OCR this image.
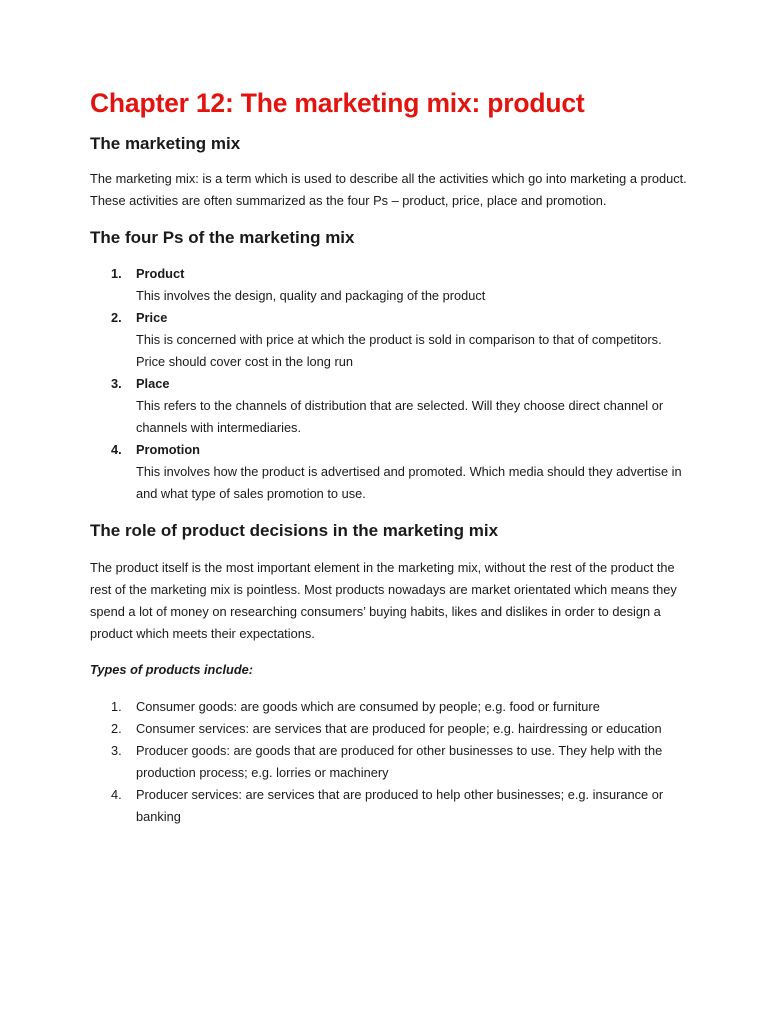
Chapter 12: The marketing mix: product
The marketing mix

The marketing mix: is a term which is used to describe all the activities which go into marketing a product. These activities are often summarized as the four Ps – product, price, place and promotion.

The four Ps of the marketing mix
1. Product
This involves the design, quality and packaging of the product
2. Price
This is concerned with price at which the product is sold in comparison to that of competitors. Price should cover cost in the long run
3. Place
This refers to the channels of distribution that are selected. Will they choose direct channel or channels with intermediaries.
4. Promotion
This involves how the product is advertised and promoted. Which media should they advertise in and what type of sales promotion to use.
The role of product decisions in the marketing mix

The product itself is the most important element in the marketing mix, without the rest of the product the rest of the marketing mix is pointless. Most products nowadays are market orientated which means they spend a lot of money on researching consumers’ buying habits, likes and dislikes in order to design a product which meets their expectations.

Types of products include:

1. Consumer goods: are goods which are consumed by people; e.g. food or furniture
2. Consumer services: are services that are produced for people; e.g. hairdressing or education
3. Producer goods: are goods that are produced for other businesses to use. They help with the production process; e.g. lorries or machinery
4. Producer services: are services that are produced to help other businesses; e.g. insurance or banking
